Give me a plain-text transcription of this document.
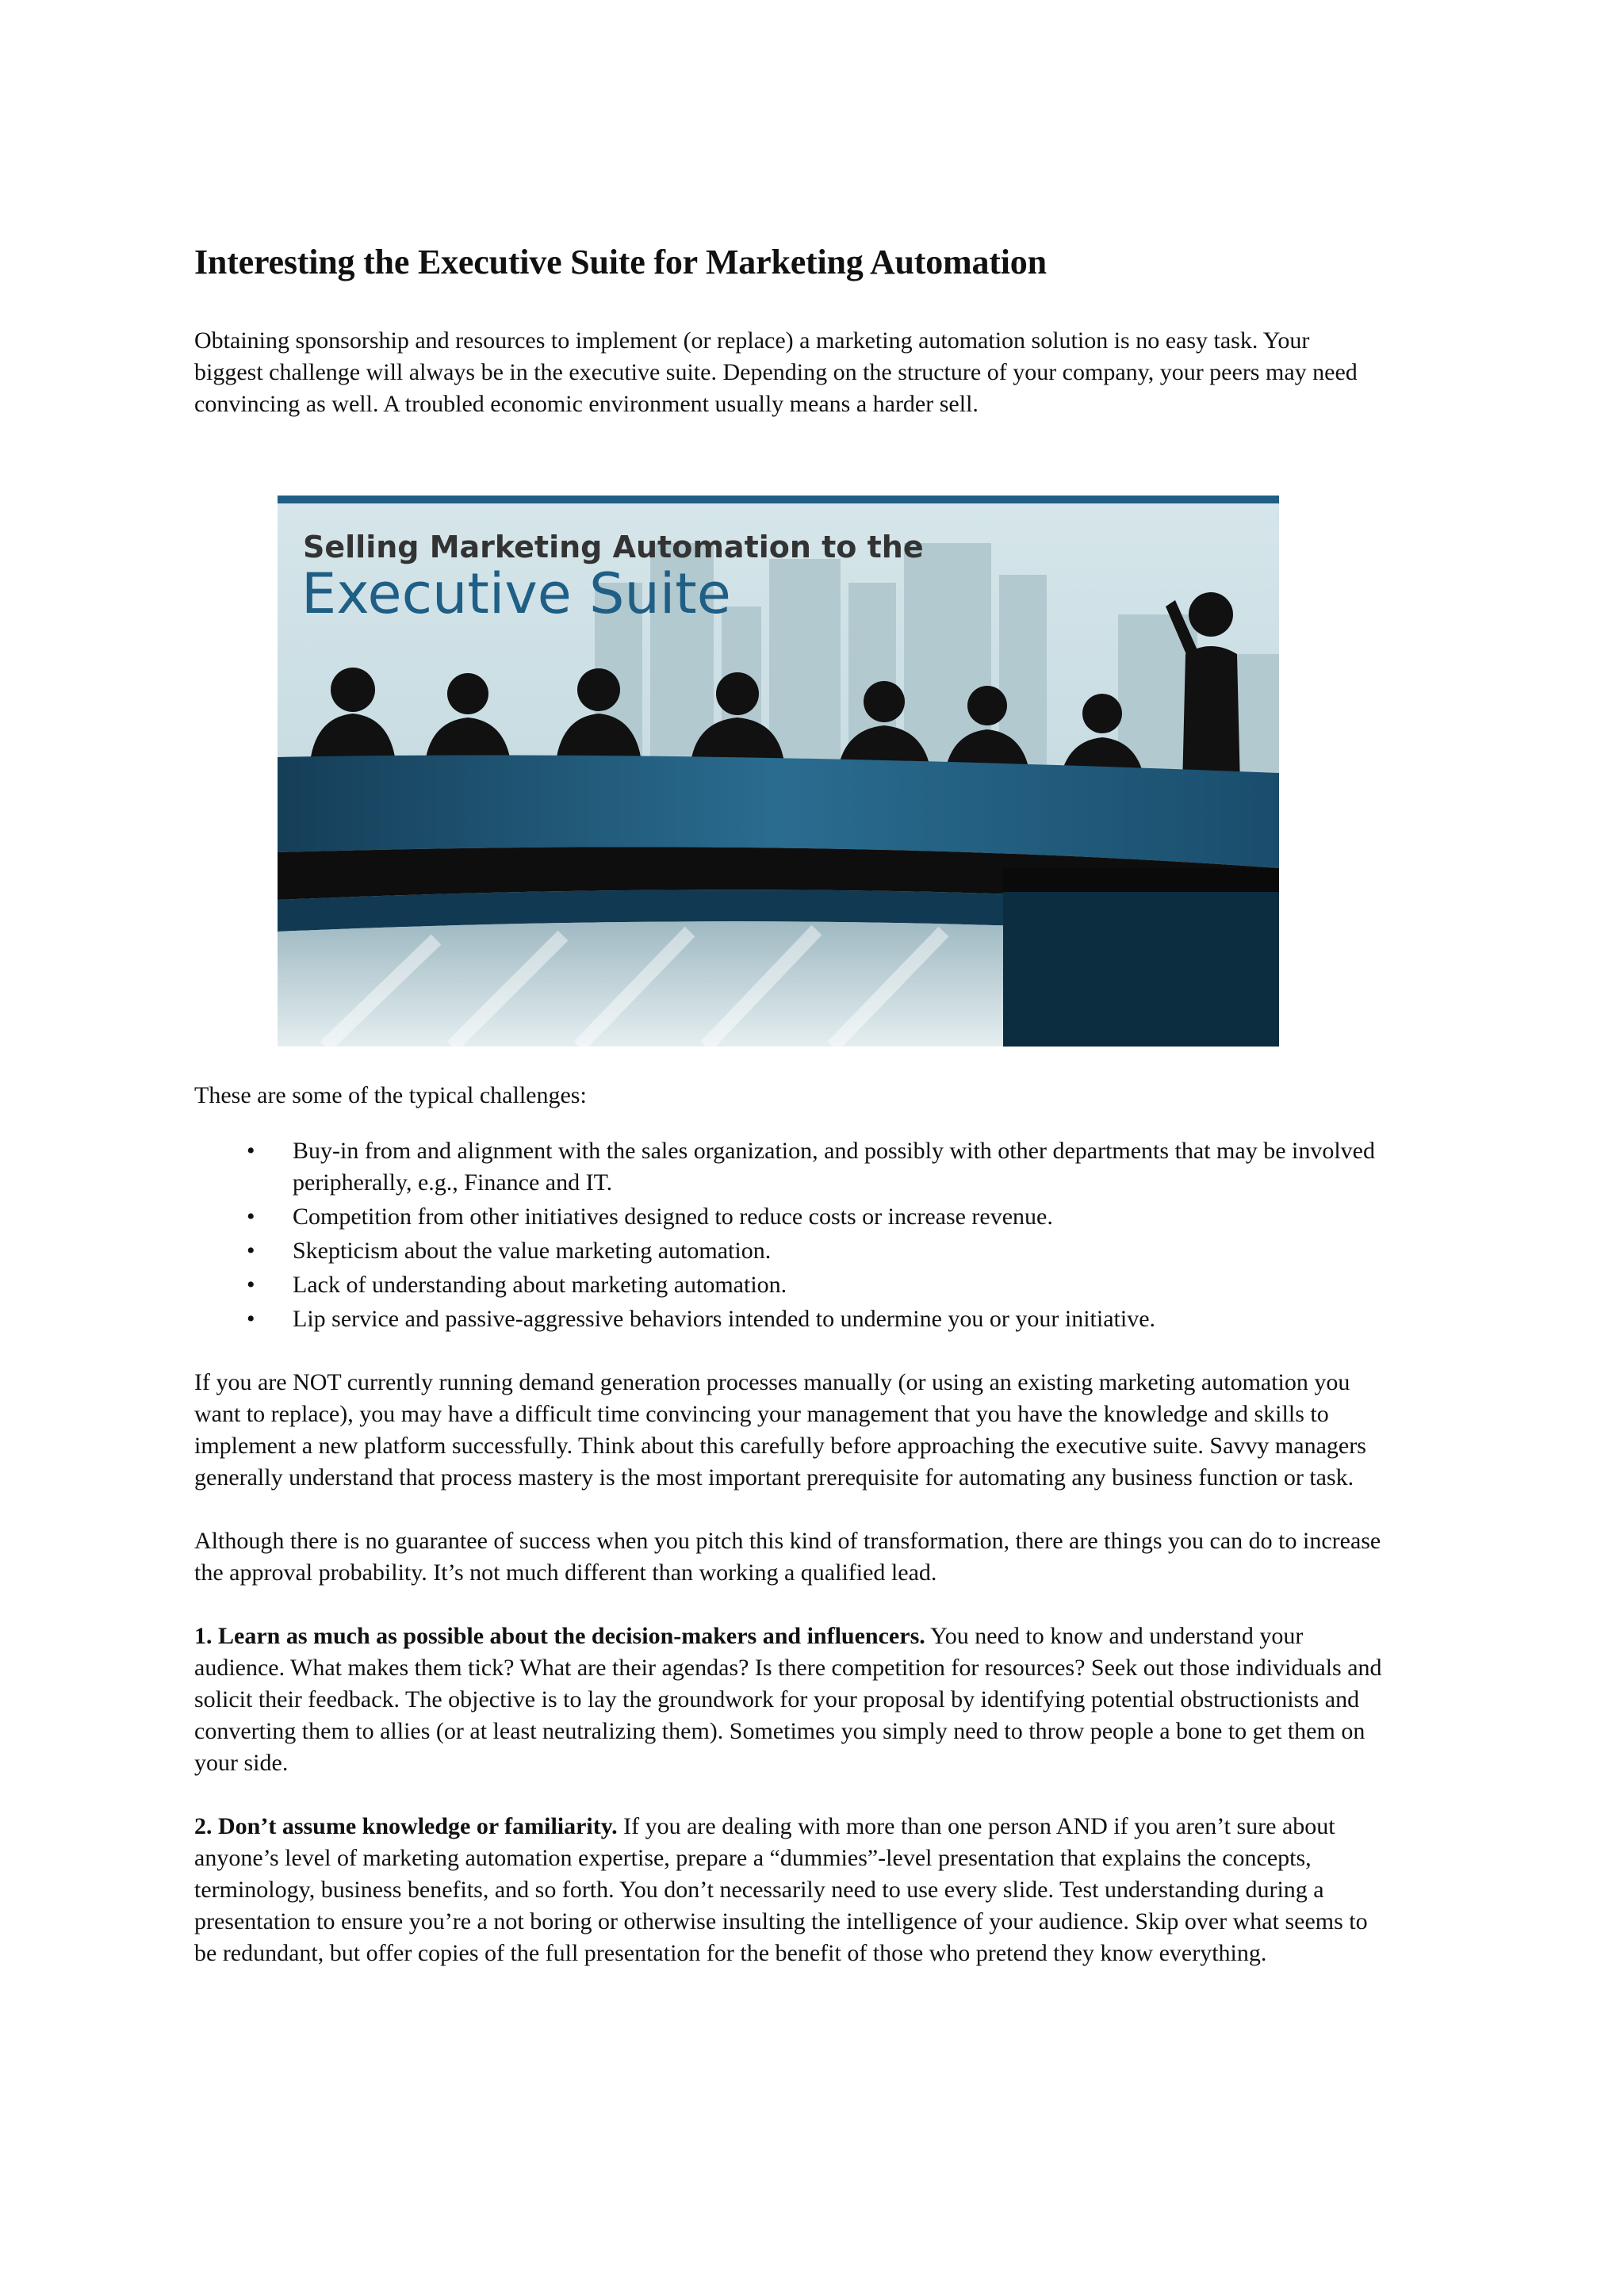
Interesting the Executive Suite for Marketing Automation

Obtaining sponsorship and resources to implement (or replace) a marketing automation solution is no easy task. Your biggest challenge will always be in the executive suite. Depending on the structure of your company, your peers may need convincing as well. A troubled economic environment usually means a harder sell.

Selling Marketing Automation to the
Executive Suite

These are some of the typical challenges:

• Buy-in from and alignment with the sales organization, and possibly with other departments that may be involved peripherally, e.g., Finance and IT.
• Competition from other initiatives designed to reduce costs or increase revenue.
• Skepticism about the value marketing automation.
• Lack of understanding about marketing automation.
• Lip service and passive-aggressive behaviors intended to undermine you or your initiative.

If you are NOT currently running demand generation processes manually (or using an existing marketing automation you want to replace), you may have a difficult time convincing your management that you have the knowledge and skills to implement a new platform successfully. Think about this carefully before approaching the executive suite. Savvy managers generally understand that process mastery is the most important prerequisite for automating any business function or task.

Although there is no guarantee of success when you pitch this kind of transformation, there are things you can do to increase the approval probability. It’s not much different than working a qualified lead.

1. Learn as much as possible about the decision-makers and influencers. You need to know and understand your audience. What makes them tick? What are their agendas? Is there competition for resources? Seek out those individuals and solicit their feedback. The objective is to lay the groundwork for your proposal by identifying potential obstructionists and converting them to allies (or at least neutralizing them). Sometimes you simply need to throw people a bone to get them on your side.

2. Don’t assume knowledge or familiarity. If you are dealing with more than one person AND if you aren’t sure about anyone’s level of marketing automation expertise, prepare a “dummies”-level presentation that explains the concepts, terminology, business benefits, and so forth. You don’t necessarily need to use every slide. Test understanding during a presentation to ensure you’re a not boring or otherwise insulting the intelligence of your audience. Skip over what seems to be redundant, but offer copies of the full presentation for the benefit of those who pretend they know everything.
